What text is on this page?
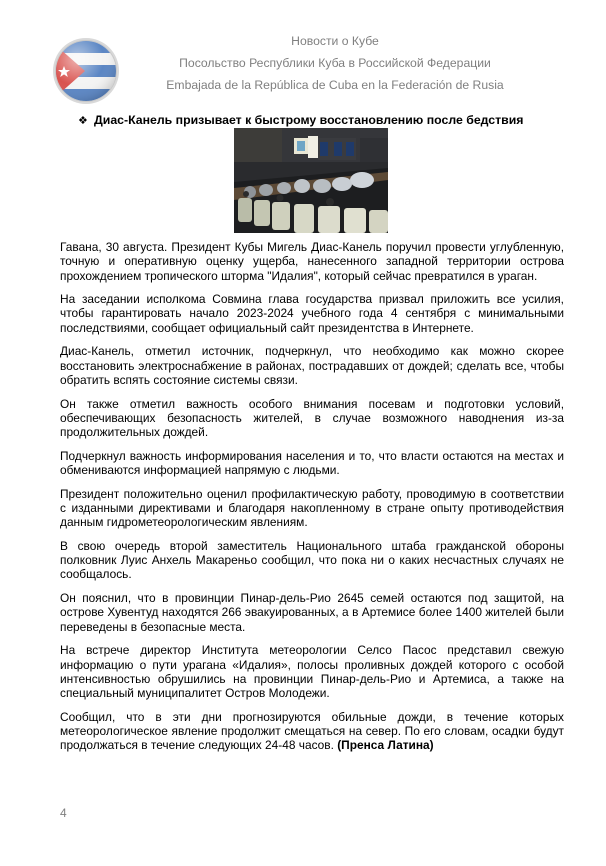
Новости о Кубе
Посольство Республики Куба в Российской Федерации
Embajada de la República de Cuba en la Federación de Rusia
❖ Диас-Канель призывает к быстрому восстановлению после бедствия

Гавана, 30 августа. Президент Кубы Мигель Диас-Канель поручил провести углубленную, точную и оперативную оценку ущерба, нанесенного западной территории острова прохождением тропического шторма "Идалия", который сейчас превратился в ураган.

На заседании исполкома Совмина глава государства призвал приложить все усилия, чтобы гарантировать начало 2023-2024 учебного года 4 сентября с минимальными последствиями, сообщает официальный сайт президентства в Интернете.

Диас-Канель, отметил источник, подчеркнул, что необходимо как можно скорее восстановить электроснабжение в районах, пострадавших от дождей; сделать все, чтобы обратить вспять состояние системы связи.

Он также отметил важность особого внимания посевам и подготовки условий, обеспечивающих безопасность жителей, в случае возможного наводнения из-за продолжительных дождей.

Подчеркнул важность информирования населения и то, что власти остаются на местах и обмениваются информацией напрямую с людьми.

Президент положительно оценил профилактическую работу, проводимую в соответствии с изданными директивами и благодаря накопленному в стране опыту противодействия данным гидрометеорологическим явлениям.

В свою очередь второй заместитель Национального штаба гражданской обороны полковник Луис Анхель Макареньо сообщил, что пока ни о каких несчастных случаях не сообщалось.

Он пояснил, что в провинции Пинар-дель-Рио 2645 семей остаются под защитой, на острове Хувентуд находятся 266 эвакуированных, а в Артемисе более 1400 жителей были переведены в безопасные места.

На встрече директор Института метеорологии Селсо Пасос представил свежую информацию о пути урагана «Идалия», полосы проливных дождей которого с особой интенсивностью обрушились на провинции Пинар-дель-Рио и Артемиса, а также на специальный муниципалитет Остров Молодежи.

Сообщил, что в эти дни прогнозируются обильные дожди, в течение которых метеорологическое явление продолжит смещаться на север. По его словам, осадки будут продолжаться в течение следующих 24-48 часов. (Пренса Латина)

4
